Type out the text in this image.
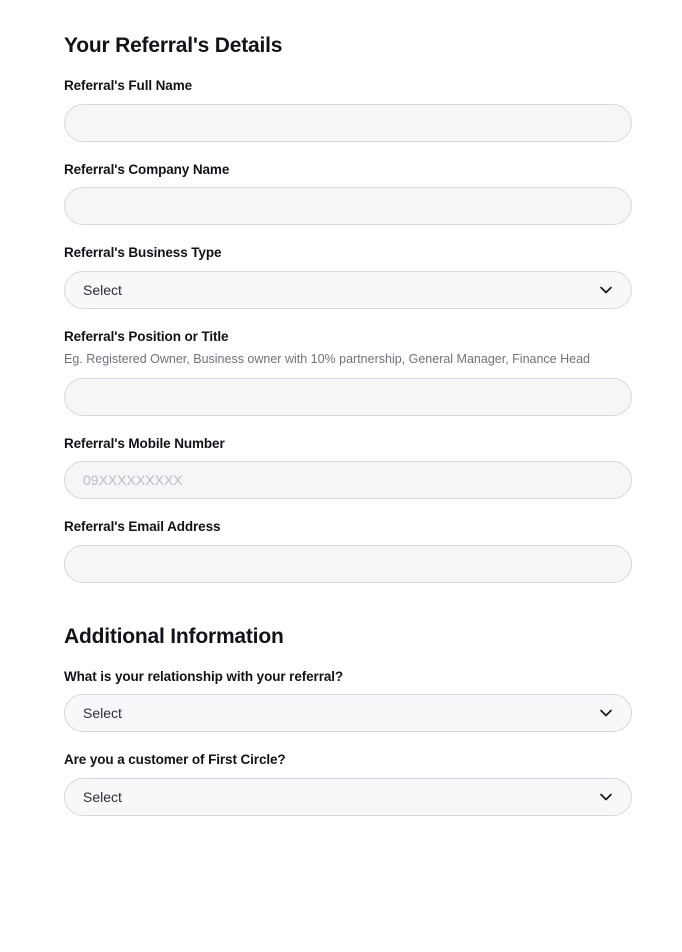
Your Referral's Details
Referral's Full Name
Referral's Company Name
Referral's Business Type
Select
Referral's Position or Title
Eg. Registered Owner, Business owner with 10% partnership, General Manager, Finance Head
Referral's Mobile Number
09XXXXXXXXX
Referral's Email Address
Additional Information
What is your relationship with your referral?
Select
Are you a customer of First Circle?
Select
